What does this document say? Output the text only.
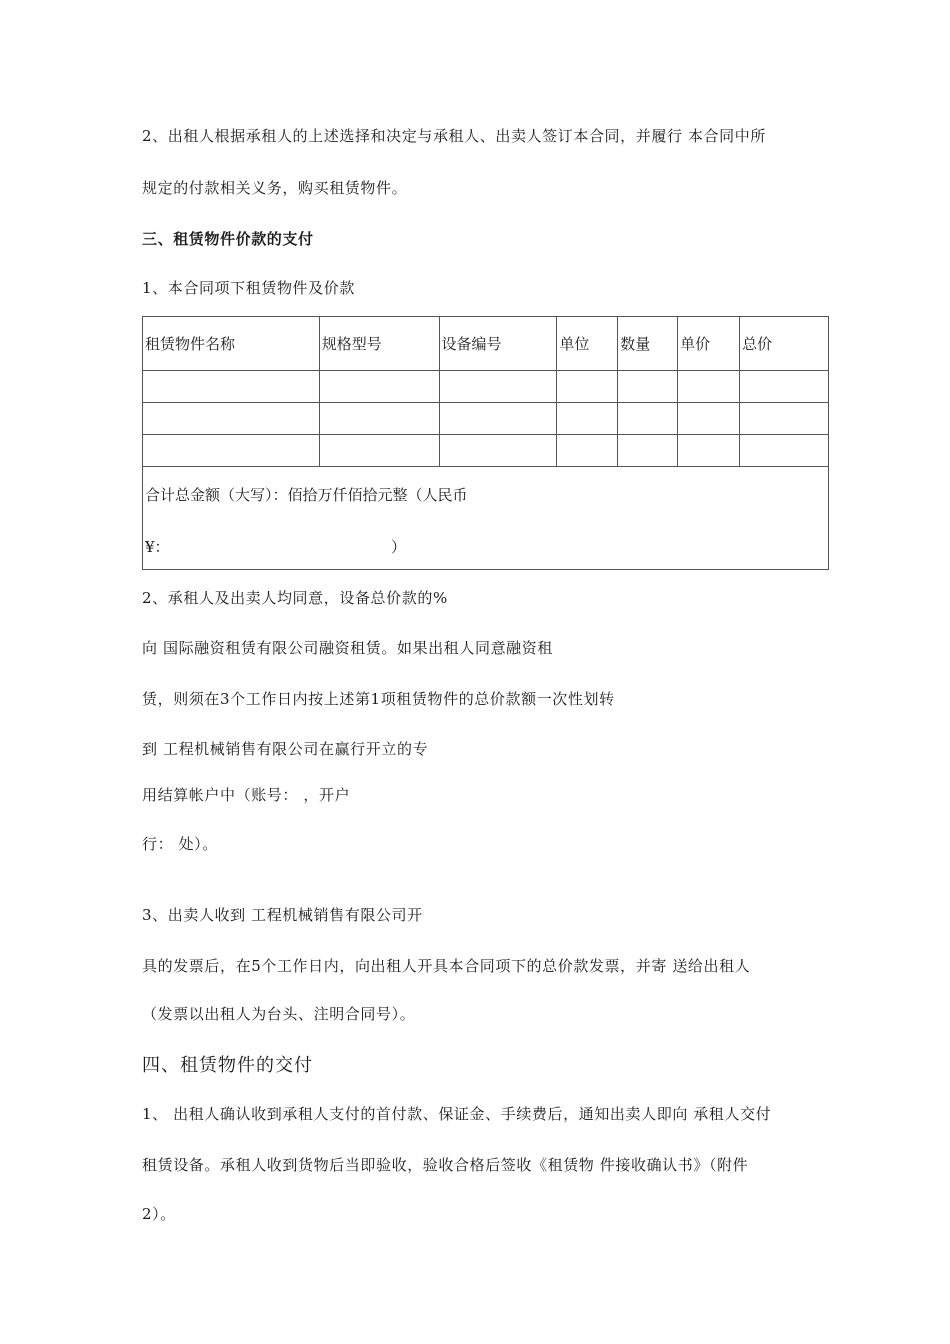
2、出租人根据承租人的上述选择和决定与承租人、出卖人签订本合同，并履行 本合同中所
规定的付款相关义务，购买租赁物件。
三、租赁物件价款的支付
1、本合同项下租赁物件及价款
租赁物件名称	规格型号	设备编号	单位	数量	单价	总价

合计总金额（大写）：佰拾万仟佰拾元整（人民币
¥： ）						
2、承租人及出卖人均同意，设备总价款的%
向 国际融资租赁有限公司融资租赁。如果出租人同意融资租
赁，则须在3个工作日内按上述第1项租赁物件的总价款额一次性划转
到 工程机械销售有限公司在赢行开立的专
用结算帐户中（账号： ，开户
行： 处）。
3、出卖人收到 工程机械销售有限公司开
具的发票后，在5个工作日内，向出租人开具本合同项下的总价款发票，并寄 送给出租人
（发票以出租人为台头、注明合同号）。
四、租赁物件的交付
1、 出租人确认收到承租人支付的首付款、保证金、手续费后，通知出卖人即向 承租人交付
租赁设备。承租人收到货物后当即验收，验收合格后签收《租赁物 件接收确认书》（附件
2）。
